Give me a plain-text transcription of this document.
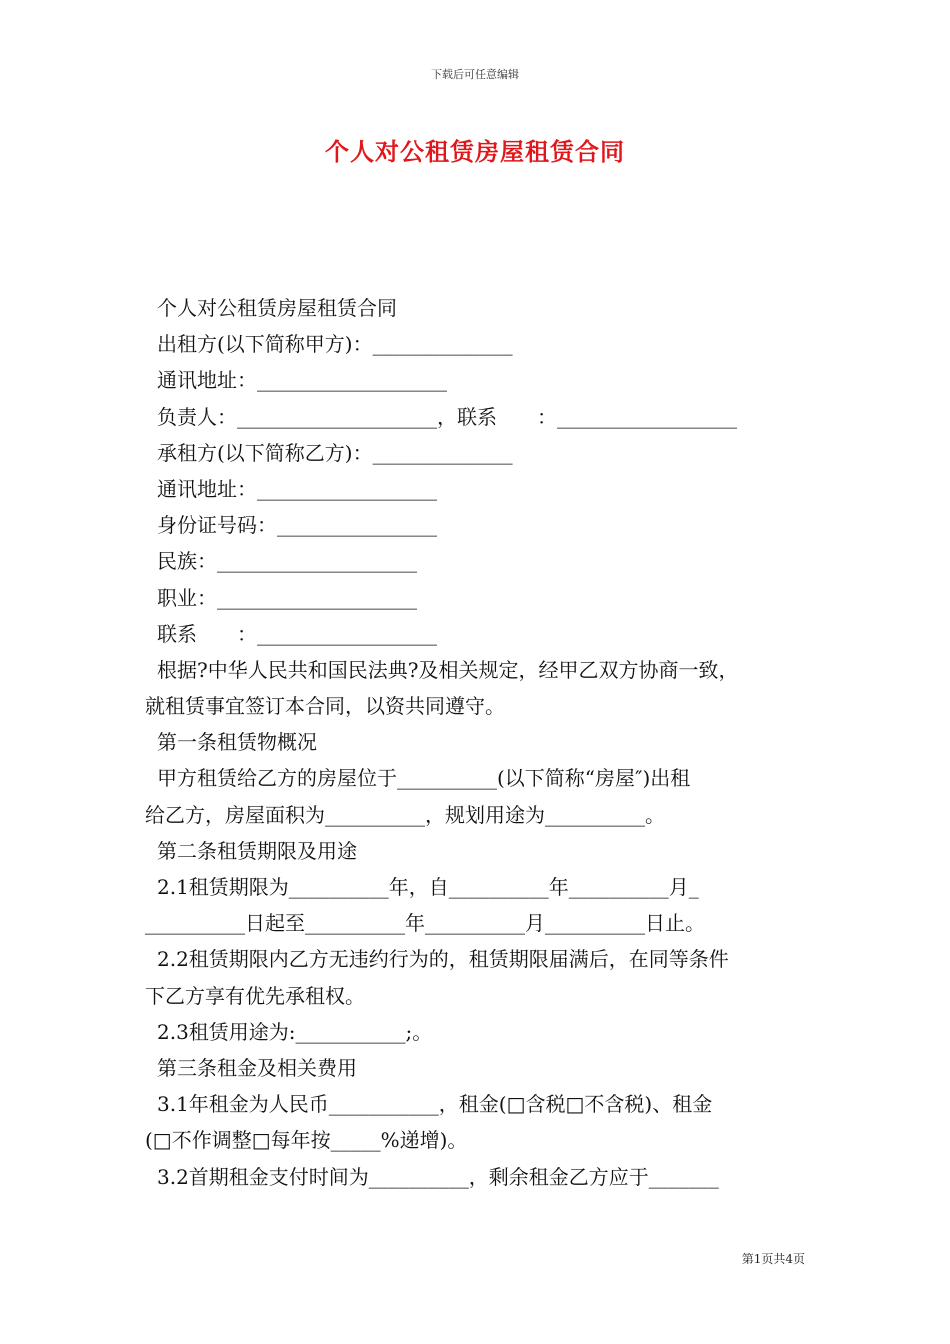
下载后可任意编辑
个人对公租赁房屋租赁合同
个人对公租赁房屋租赁合同
出租方(以下简称甲方)：______________
通讯地址：___________________
负责人：____________________，联系　　：__________________
承租方(以下简称乙方)：______________
通讯地址：__________________
身份证号码：________________
民族：____________________
职业：____________________
联系　　：__________________
根据?中华人民共和国民法典?及相关规定，经甲乙双方协商一致，
就租赁事宜签订本合同，以资共同遵守。
第一条租赁物概况
甲方租赁给乙方的房屋位于__________(以下简称“房屋″)出租
给乙方，房屋面积为__________，规划用途为__________。
第二条租赁期限及用途
2.1租赁期限为__________年，自__________年__________月_
__________日起至__________年__________月__________日止。
2.2租赁期限内乙方无违约行为的，租赁期限届满后，在同等条件
下乙方享有优先承租权。
2.3租赁用途为:___________;。
第三条租金及相关费用
3.1年租金为人民币___________，租金(□含税□不含税)、租金
(□不作调整□每年按_____%递增)。
3.2首期租金支付时间为__________，剩余租金乙方应于_______
第1页共4页
